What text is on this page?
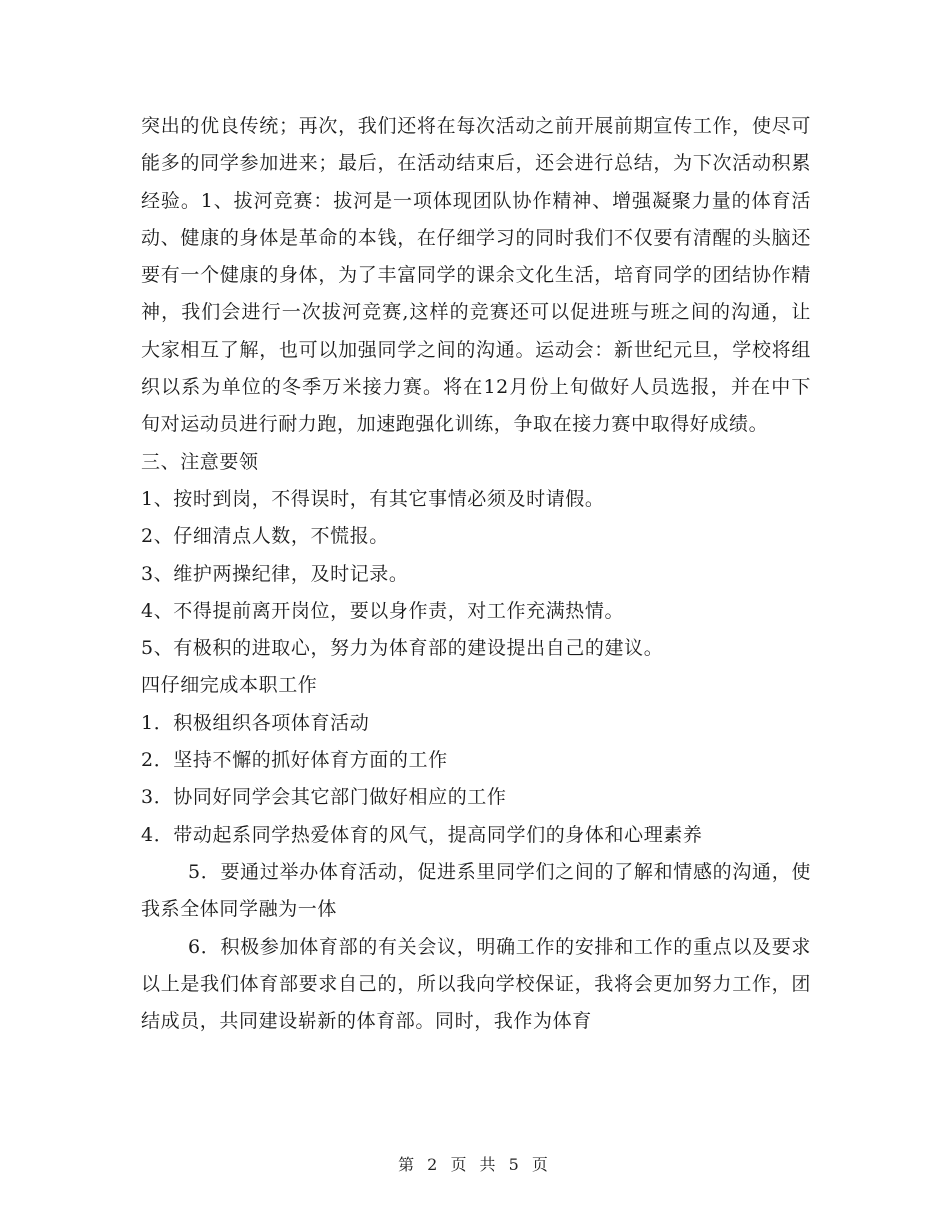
突出的优良传统；再次，我们还将在每次活动之前开展前期宣传工作，使尽可能多的同学参加进来；最后，在活动结束后，还会进行总结，为下次活动积累经验。1、拔河竞赛：拔河是一项体现团队协作精神、增强凝聚力量的体育活动、健康的身体是革命的本钱，在仔细学习的同时我们不仅要有清醒的头脑还要有一个健康的身体，为了丰富同学的课余文化生活，培育同学的团结协作精神，我们会进行一次拔河竞赛,这样的竞赛还可以促进班与班之间的沟通，让大家相互了解，也可以加强同学之间的沟通。运动会：新世纪元旦，学校将组织以系为单位的冬季万米接力赛。将在12月份上旬做好人员选报，并在中下旬对运动员进行耐力跑，加速跑强化训练，争取在接力赛中取得好成绩。

三、注意要领

1、按时到岗，不得误时，有其它事情必须及时请假。

2、仔细清点人数，不慌报。

3、维护两操纪律，及时记录。

4、不得提前离开岗位，要以身作责，对工作充满热情。

5、有极积的进取心，努力为体育部的建设提出自己的建议。

四仔细完成本职工作

1．积极组织各项体育活动

2．坚持不懈的抓好体育方面的工作

3．协同好同学会其它部门做好相应的工作

4．带动起系同学热爱体育的风气，提高同学们的身体和心理素养

5．要通过举办体育活动，促进系里同学们之间的了解和情感的沟通，使我系全体同学融为一体

6．积极参加体育部的有关会议，明确工作的安排和工作的重点以及要求以上是我们体育部要求自己的，所以我向学校保证，我将会更加努力工作，团结成员，共同建设崭新的体育部。同时，我作为体育

第 2 页 共 5 页
